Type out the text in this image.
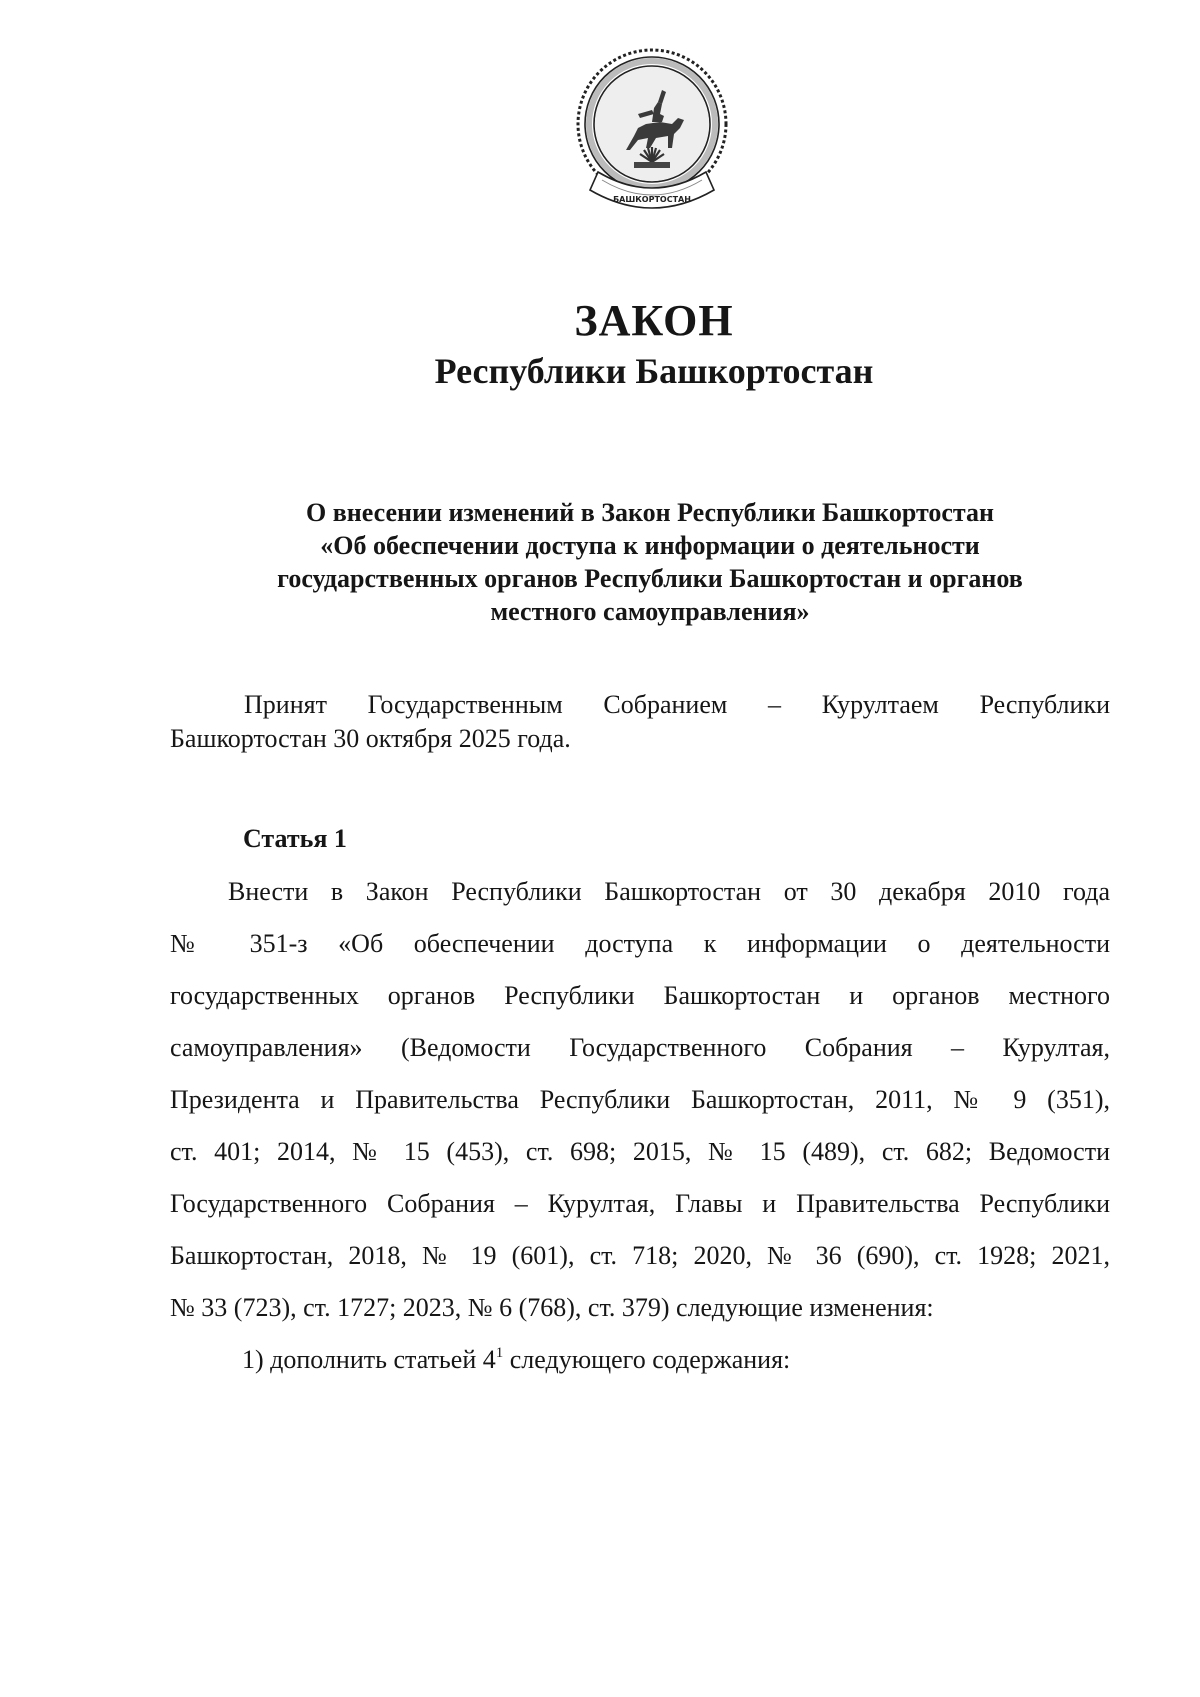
БАШКОРТОСТАН
ЗАКОН
Республики Башкортостан
О внесении изменений в Закон Республики Башкортостан
«Об обеспечении доступа к информации о деятельности
государственных органов Республики Башкортостан и органов
местного самоуправления»
Принят Государственным Собранием – Курултаем Республики
Башкортостан 30 октября 2025 года.
Статья 1
Внести в Закон Республики Башкортостан от 30 декабря 2010 года
№ 351-з «Об обеспечении доступа к информации о деятельности
государственных органов Республики Башкортостан и органов местного
самоуправления» (Ведомости Государственного Собрания – Курултая,
Президента и Правительства Республики Башкортостан, 2011, № 9 (351),
ст. 401; 2014, № 15 (453), ст. 698; 2015, № 15 (489), ст. 682; Ведомости
Государственного Собрания – Курултая, Главы и Правительства Республики
Башкортостан, 2018, № 19 (601), ст. 718; 2020, № 36 (690), ст. 1928; 2021,
№ 33 (723), ст. 1727; 2023, № 6 (768), ст. 379) следующие изменения:
1) дополнить статьей $4^1$ следующего содержания:
